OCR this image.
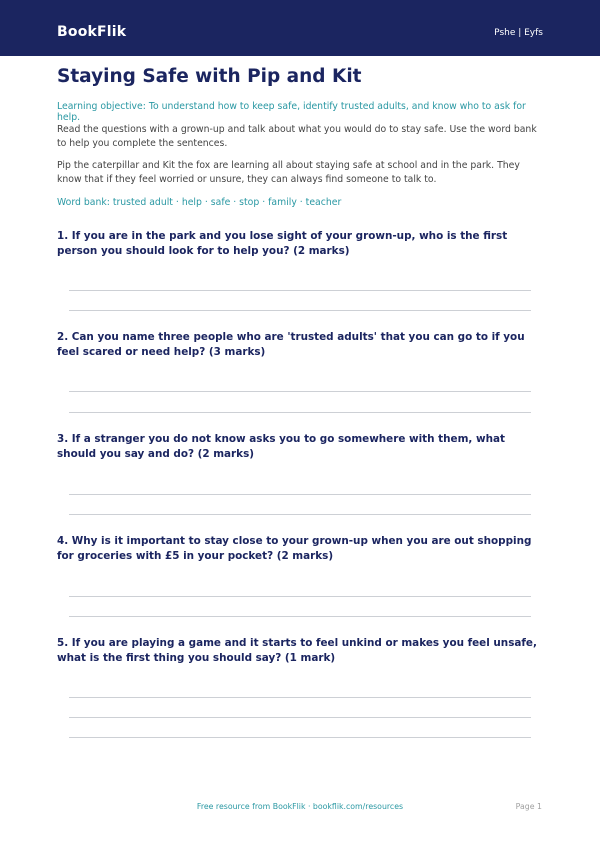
BookFlik	Pshe | Eyfs
Staying Safe with Pip and Kit
Learning objective: To understand how to keep safe, identify trusted adults, and know who to ask for help.
Read the questions with a grown-up and talk about what you would do to stay safe. Use the word bank to help you complete the sentences.
Pip the caterpillar and Kit the fox are learning all about staying safe at school and in the park. They know that if they feel worried or unsure, they can always find someone to talk to.
Word bank: trusted adult · help · safe · stop · family · teacher
1. If you are in the park and you lose sight of your grown-up, who is the first person you should look for to help you? (2 marks)
2. Can you name three people who are 'trusted adults' that you can go to if you feel scared or need help? (3 marks)
3. If a stranger you do not know asks you to go somewhere with them, what should you say and do? (2 marks)
4. Why is it important to stay close to your grown-up when you are out shopping for groceries with £5 in your pocket? (2 marks)
5. If you are playing a game and it starts to feel unkind or makes you feel unsafe, what is the first thing you should say? (1 mark)
Free resource from BookFlik · bookflik.com/resources	Page 1
